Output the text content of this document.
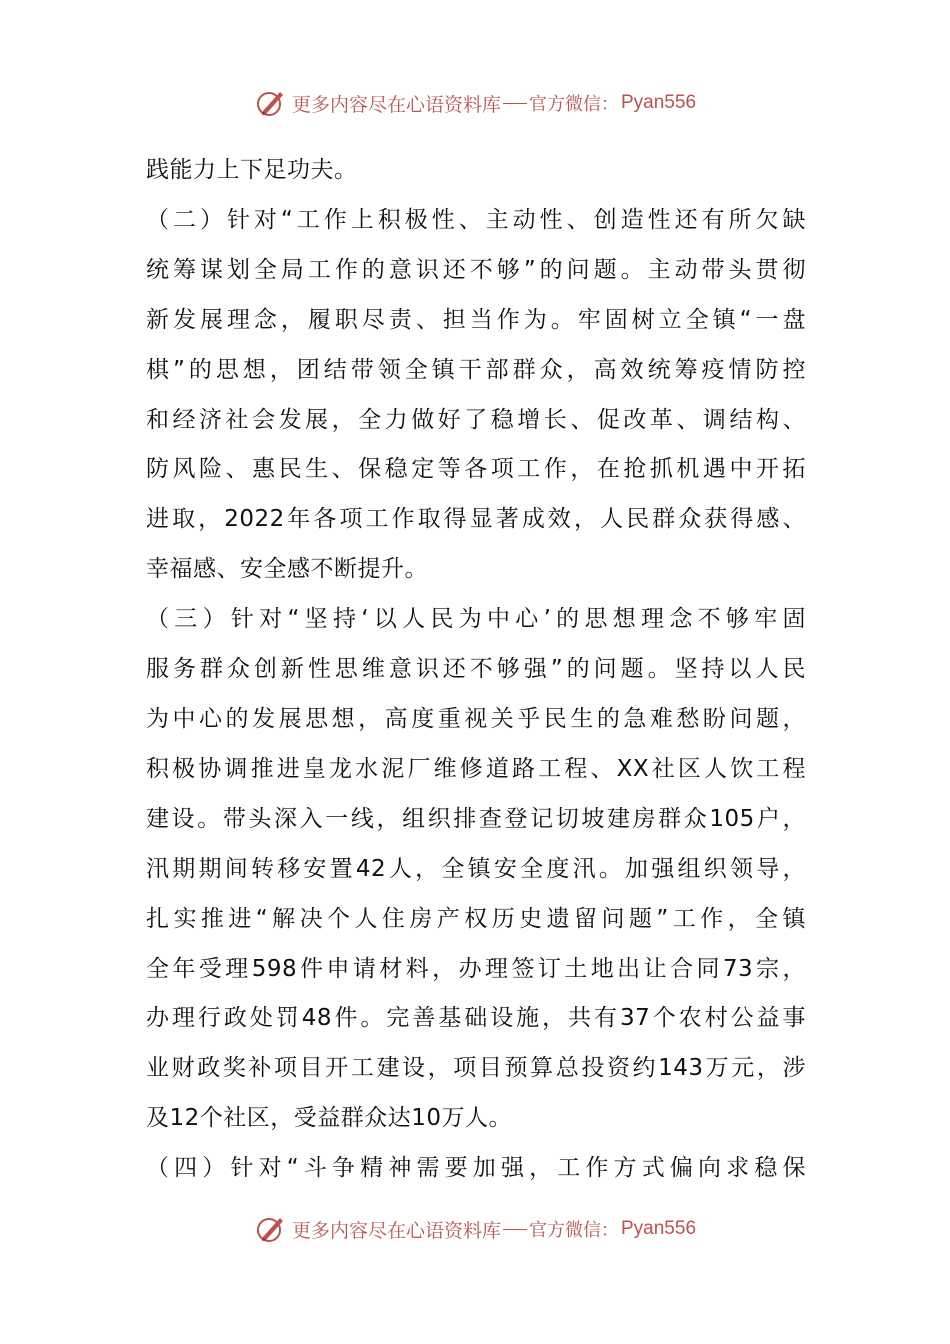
更多内容尽在心语资料库 官方微信： Pyan556
践能力上下足功夫。
（二）针对“工作上积极性、主动性、创造性还有所欠缺
统筹谋划全局工作的意识还不够”的问题。主动带头贯彻
新发展理念，履职尽责、担当作为。牢固树立全镇“一盘
棋”的思想，团结带领全镇干部群众，高效统筹疫情防控
和经济社会发展，全力做好了稳增长、促改革、调结构、
防风险、惠民生、保稳定等各项工作，在抢抓机遇中开拓
进取，2022年各项工作取得显著成效，人民群众获得感、
幸福感、安全感不断提升。
（三）针对“坚持‘以人民为中心’的思想理念不够牢固
服务群众创新性思维意识还不够强”的问题。坚持以人民
为中心的发展思想，高度重视关乎民生的急难愁盼问题，
积极协调推进皇龙水泥厂维修道路工程、XX社区人饮工程
建设。带头深入一线，组织排查登记切坡建房群众105户，
汛期期间转移安置42人，全镇安全度汛。加强组织领导，
扎实推进“解决个人住房产权历史遗留问题”工作，全镇
全年受理598件申请材料，办理签订土地出让合同73宗，
办理行政处罚48件。完善基础设施，共有37个农村公益事
业财政奖补项目开工建设，项目预算总投资约143万元，涉
及12个社区，受益群众达10万人。
（四）针对“斗争精神需要加强，工作方式偏向求稳保
更多内容尽在心语资料库 官方微信： Pyan556
